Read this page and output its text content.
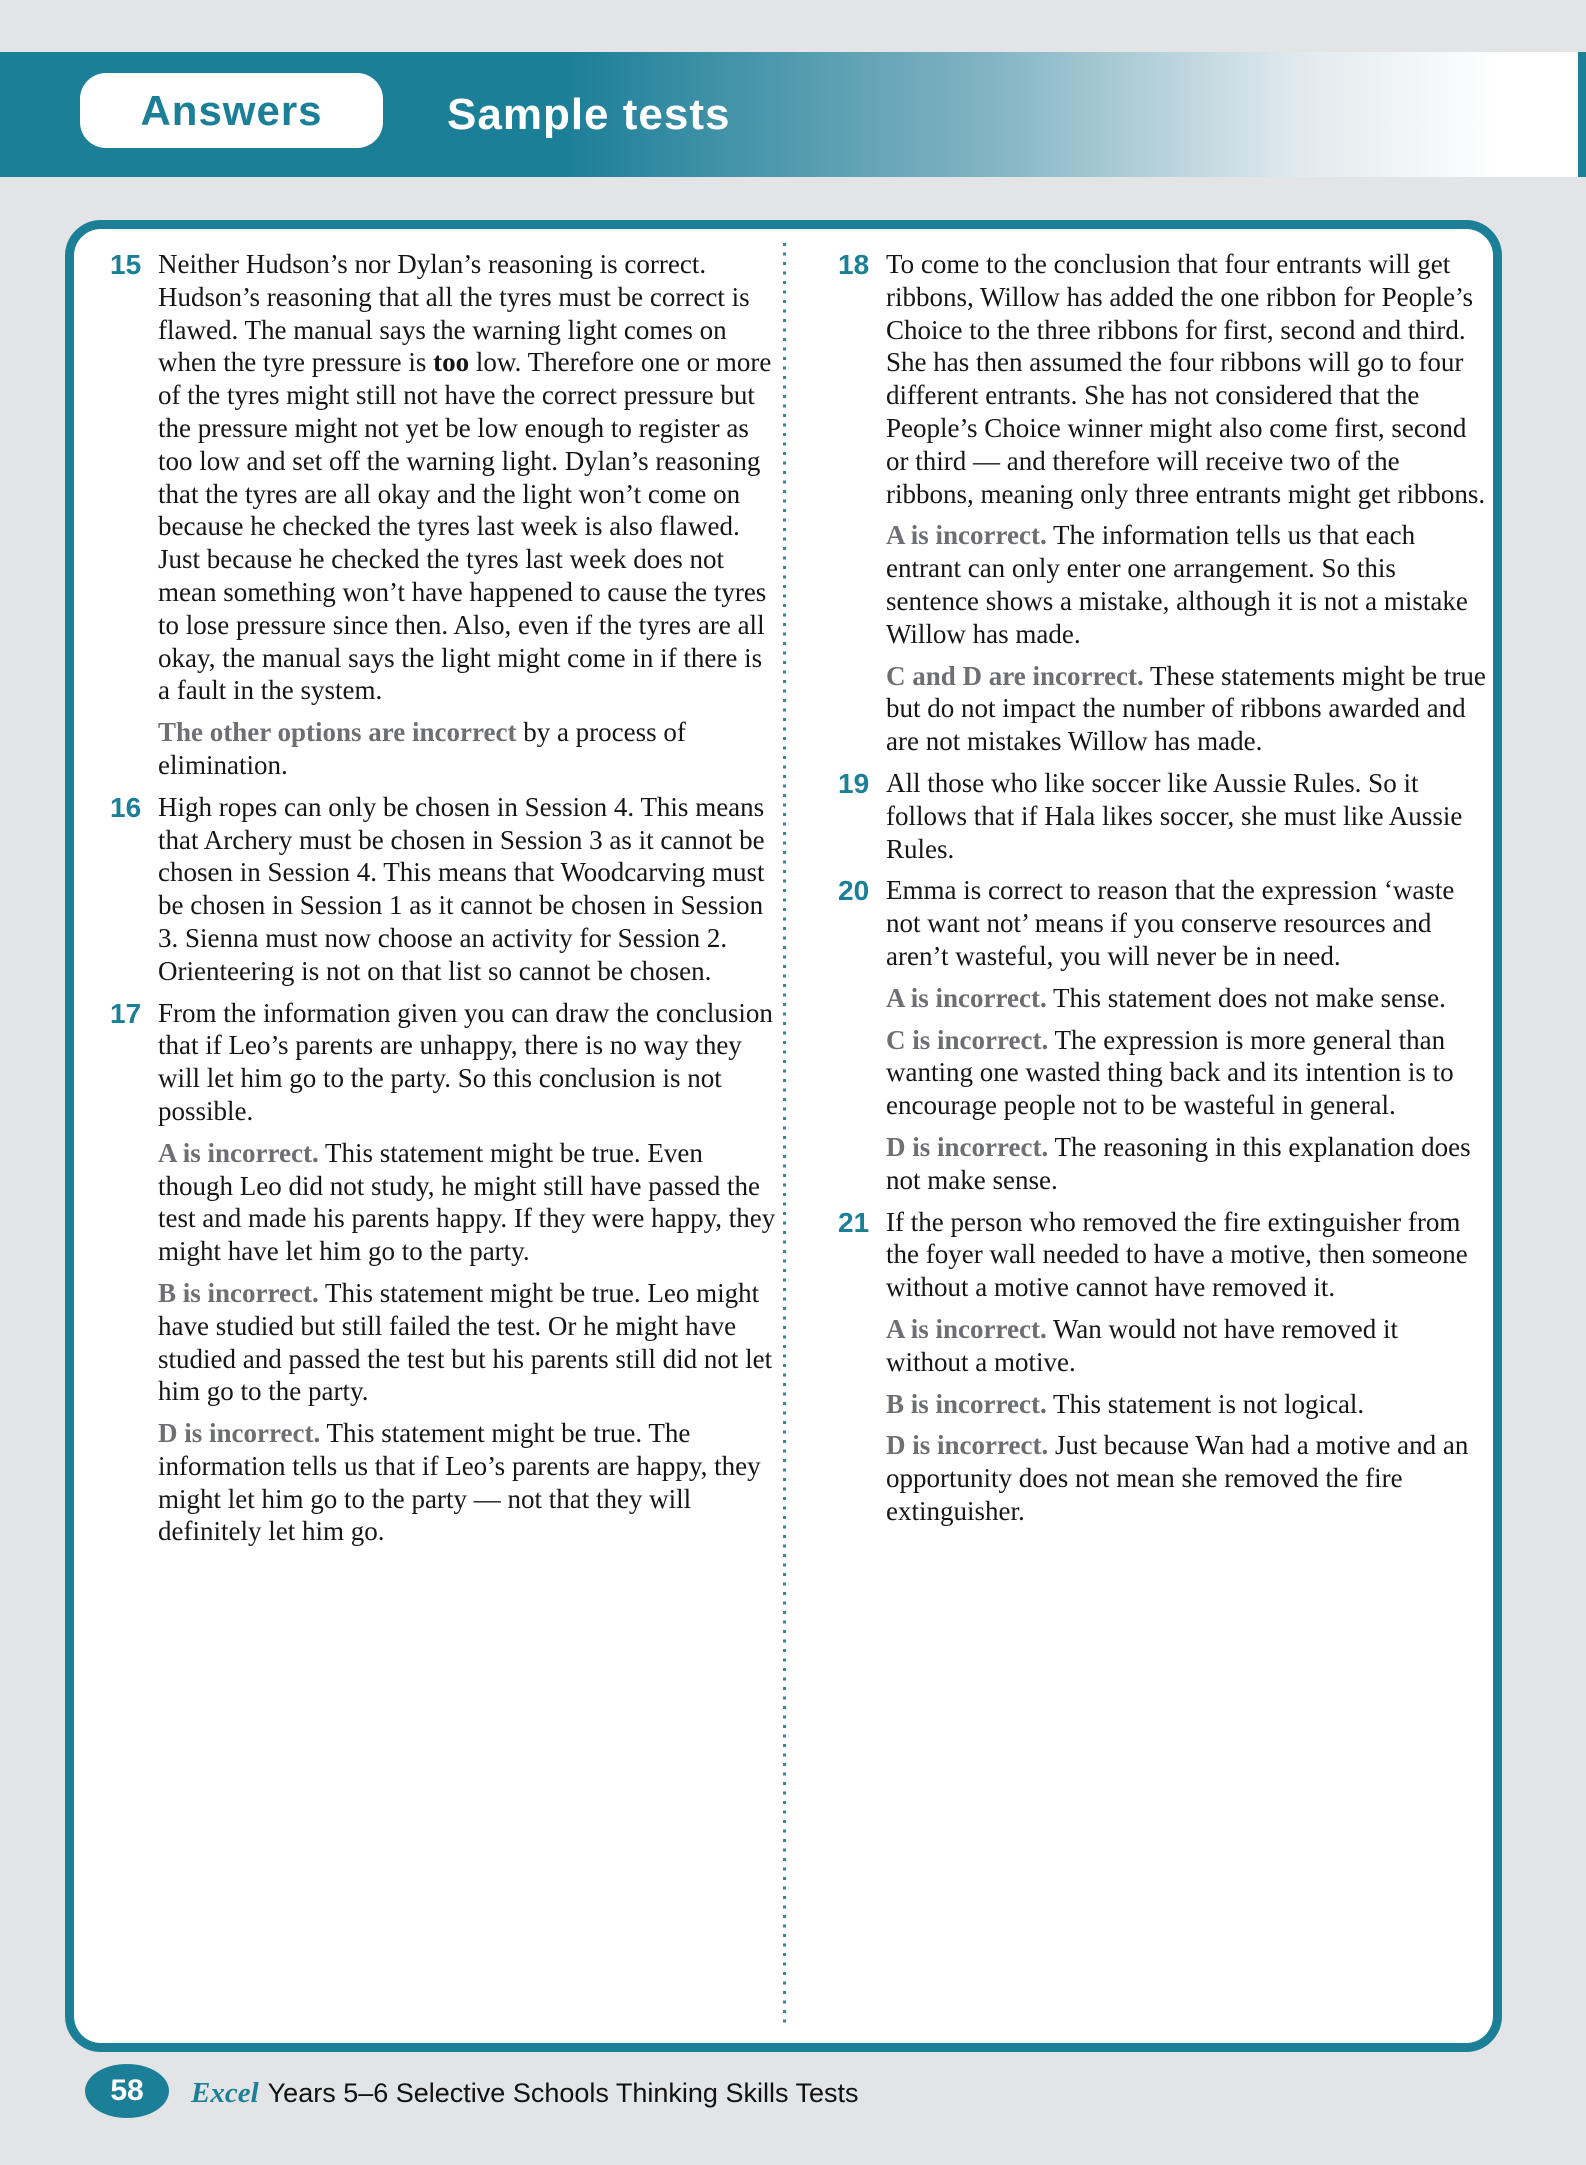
Answers	Sample tests
15 Neither Hudson’s nor Dylan’s reasoning is correct. Hudson’s reasoning that all the tyres must be correct is flawed. The manual says the warning light comes on when the tyre pressure is too low. Therefore one or more of the tyres might still not have the correct pressure but the pressure might not yet be low enough to register as too low and set off the warning light. Dylan’s reasoning that the tyres are all okay and the light won’t come on because he checked the tyres last week is also flawed. Just because he checked the tyres last week does not mean something won’t have happened to cause the tyres to lose pressure since then. Also, even if the tyres are all okay, the manual says the light might come in if there is a fault in the system.

The other options are incorrect by a process of elimination.

16 High ropes can only be chosen in Session 4. This means that Archery must be chosen in Session 3 as it cannot be chosen in Session 4. This means that Woodcarving must be chosen in Session 1 as it cannot be chosen in Session 3. Sienna must now choose an activity for Session 2. Orienteering is not on that list so cannot be chosen.

17 From the information given you can draw the conclusion that if Leo’s parents are unhappy, there is no way they will let him go to the party. So this conclusion is not possible.

A is incorrect. This statement might be true. Even though Leo did not study, he might still have passed the test and made his parents happy. If they were happy, they might have let him go to the party.

B is incorrect. This statement might be true. Leo might have studied but still failed the test. Or he might have studied and passed the test but his parents still did not let him go to the party.

D is incorrect. This statement might be true. The information tells us that if Leo’s parents are happy, they might let him go to the party — not that they will definitely let him go.

18 To come to the conclusion that four entrants will get ribbons, Willow has added the one ribbon for People’s Choice to the three ribbons for first, second and third. She has then assumed the four ribbons will go to four different entrants. She has not considered that the People’s Choice winner might also come first, second or third — and therefore will receive two of the ribbons, meaning only three entrants might get ribbons.

A is incorrect. The information tells us that each entrant can only enter one arrangement. So this sentence shows a mistake, although it is not a mistake Willow has made.

C and D are incorrect. These statements might be true but do not impact the number of ribbons awarded and are not mistakes Willow has made.

19 All those who like soccer like Aussie Rules. So it follows that if Hala likes soccer, she must like Aussie Rules.

20 Emma is correct to reason that the expression ‘waste not want not’ means if you conserve resources and aren’t wasteful, you will never be in need.

A is incorrect. This statement does not make sense.

C is incorrect. The expression is more general than wanting one wasted thing back and its intention is to encourage people not to be wasteful in general.

D is incorrect. The reasoning in this explanation does not make sense.

21 If the person who removed the fire extinguisher from the foyer wall needed to have a motive, then someone without a motive cannot have removed it.

A is incorrect. Wan would not have removed it without a motive.

B is incorrect. This statement is not logical.

D is incorrect. Just because Wan had a motive and an opportunity does not mean she removed the fire extinguisher.

58	Excel Years 5–6 Selective Schools Thinking Skills Tests
